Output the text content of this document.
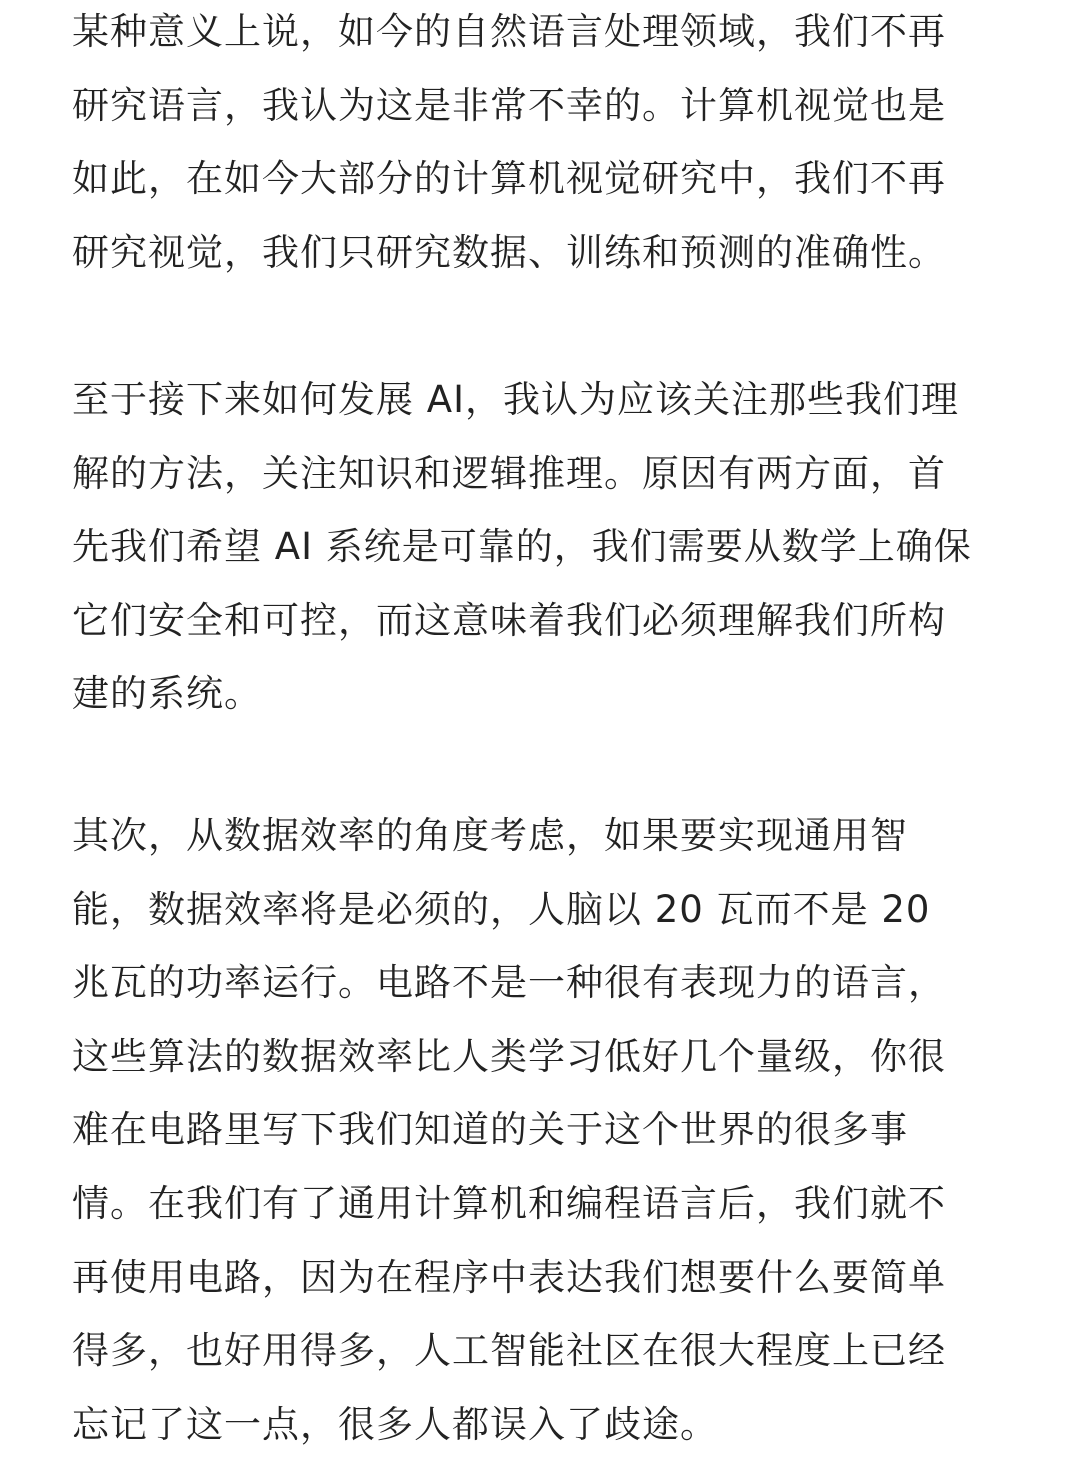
某种意义上说，如今的自然语言处理领域，我们不再
研究语言，我认为这是非常不幸的。计算机视觉也是
如此，在如今大部分的计算机视觉研究中，我们不再
研究视觉，我们只研究数据、训练和预测的准确性。
至于接下来如何发展 AI，我认为应该关注那些我们理
解的方法，关注知识和逻辑推理。原因有两方面，首
先我们希望 AI 系统是可靠的，我们需要从数学上确保
它们安全和可控，而这意味着我们必须理解我们所构
建的系统。
其次，从数据效率的角度考虑，如果要实现通用智
能，数据效率将是必须的，人脑以 20 瓦而不是 20
兆瓦的功率运行。电路不是一种很有表现力的语言，
这些算法的数据效率比人类学习低好几个量级，你很
难在电路里写下我们知道的关于这个世界的很多事
情。在我们有了通用计算机和编程语言后，我们就不
再使用电路，因为在程序中表达我们想要什么要简单
得多，也好用得多，人工智能社区在很大程度上已经
忘记了这一点，很多人都误入了歧途。
